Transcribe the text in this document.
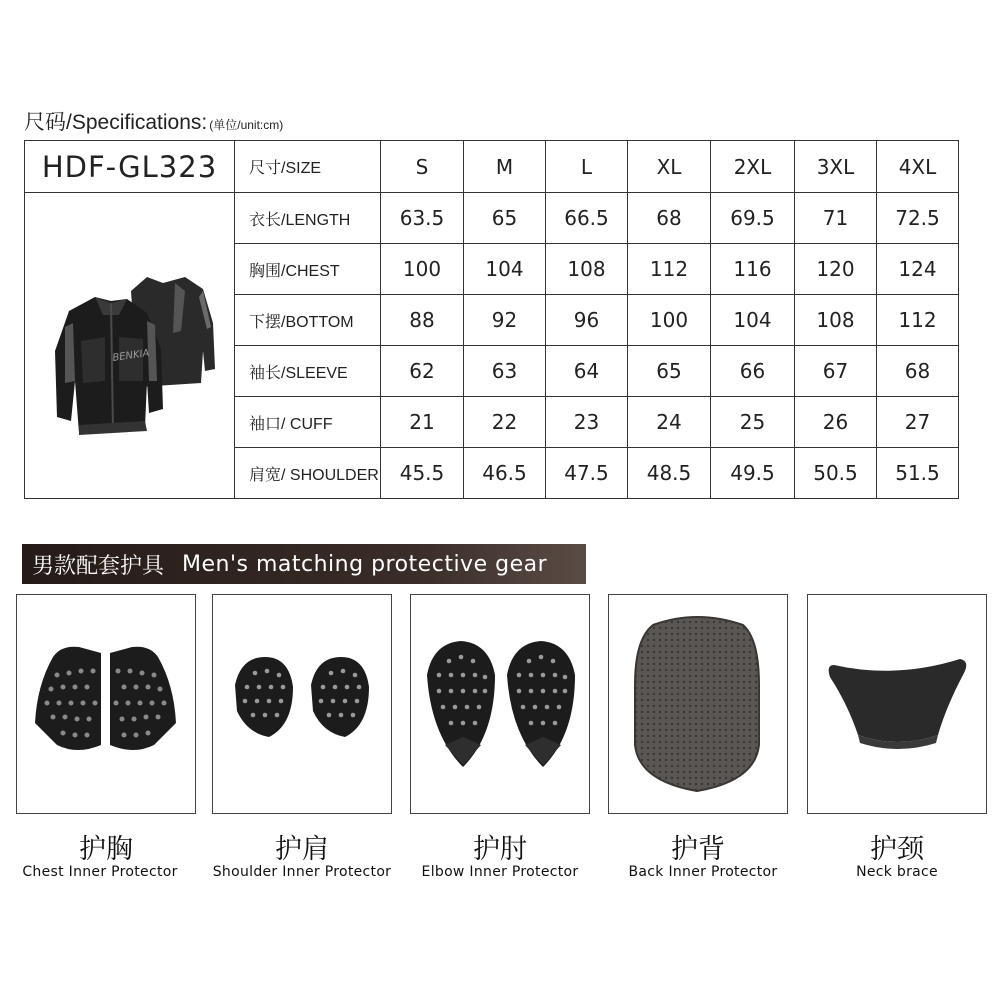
尺码/Specifications: (单位/unit:cm)
HDF-GL323	尺寸/SIZE	S	M	L	XL	2XL	3XL	4XL

BENKIA	衣长/LENGTH	63.5	65	66.5	68	69.5	71	72.5
	胸围/CHEST	100	104	108	112	116	120	124
	下摆/BOTTOM	88	92	96	100	104	108	112
	袖长/SLEEVE	62	63	64	65	66	67	68
	袖口/ CUFF	21	22	23	24	25	26	27
	肩宽/ SHOULDER	45.5	46.5	47.5	48.5	49.5	50.5	51.5
男款配套护具 Men's matching protective gear
护胸
Chest Inner Protector
护肩
Shoulder Inner Protector
护肘
Elbow Inner Protector
护背
Back Inner Protector
护颈
Neck brace
